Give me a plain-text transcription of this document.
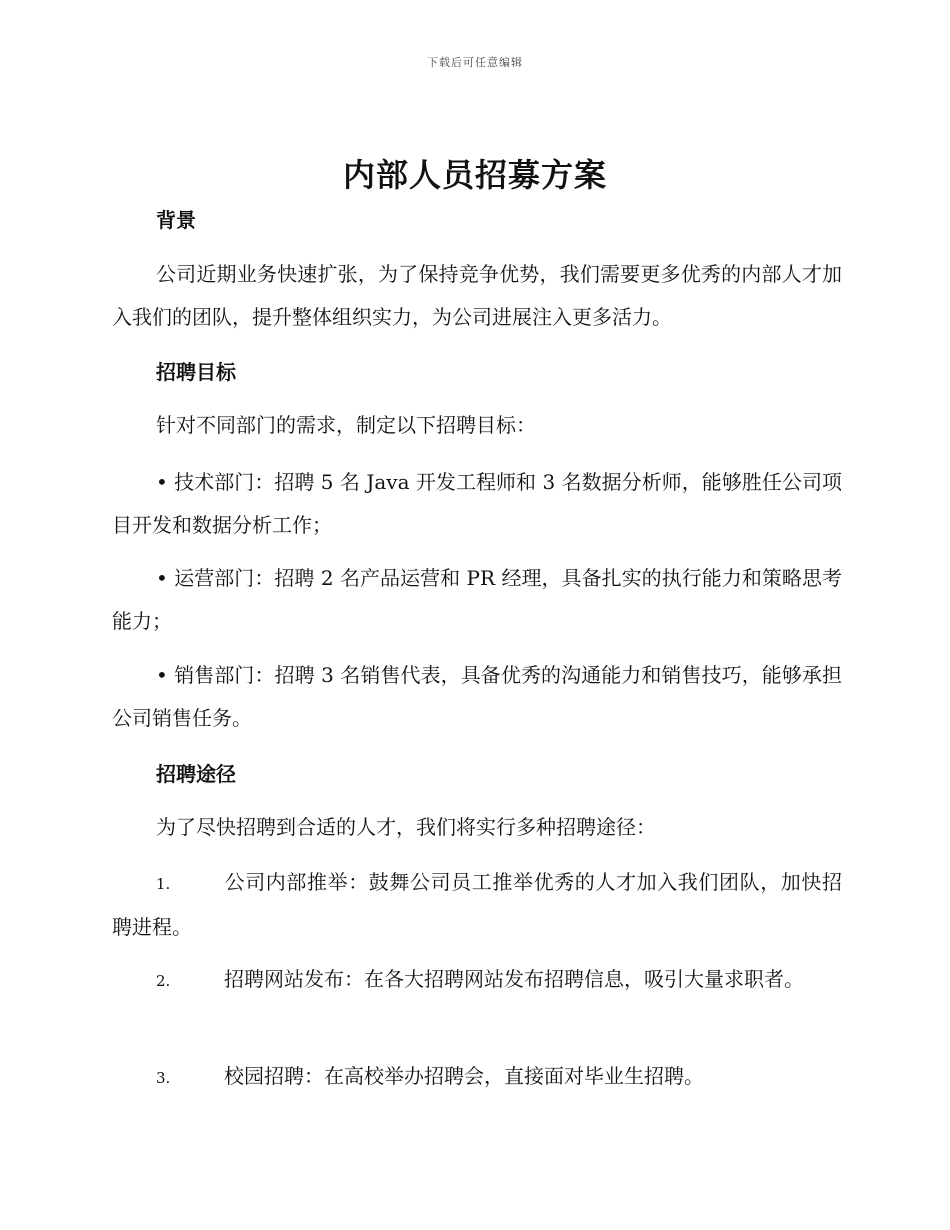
下载后可任意编辑
内部人员招募方案

背景

公司近期业务快速扩张，为了保持竞争优势，我们需要更多优秀的内部人才加入我们的团队，提升整体组织实力，为公司进展注入更多活力。

招聘目标

针对不同部门的需求，制定以下招聘目标：

• 技术部门：招聘 5 名 Java 开发工程师和 3 名数据分析师，能够胜任公司项目开发和数据分析工作；

• 运营部门：招聘 2 名产品运营和 PR 经理，具备扎实的执行能力和策略思考能力；

• 销售部门：招聘 3 名销售代表，具备优秀的沟通能力和销售技巧，能够承担公司销售任务。

招聘途径

为了尽快招聘到合适的人才，我们将实行多种招聘途径：

1.	公司内部推举：鼓舞公司员工推举优秀的人才加入我们团队，加快招聘进程。

2.	招聘网站发布：在各大招聘网站发布招聘信息，吸引大量求职者。

3.	校园招聘：在高校举办招聘会，直接面对毕业生招聘。
